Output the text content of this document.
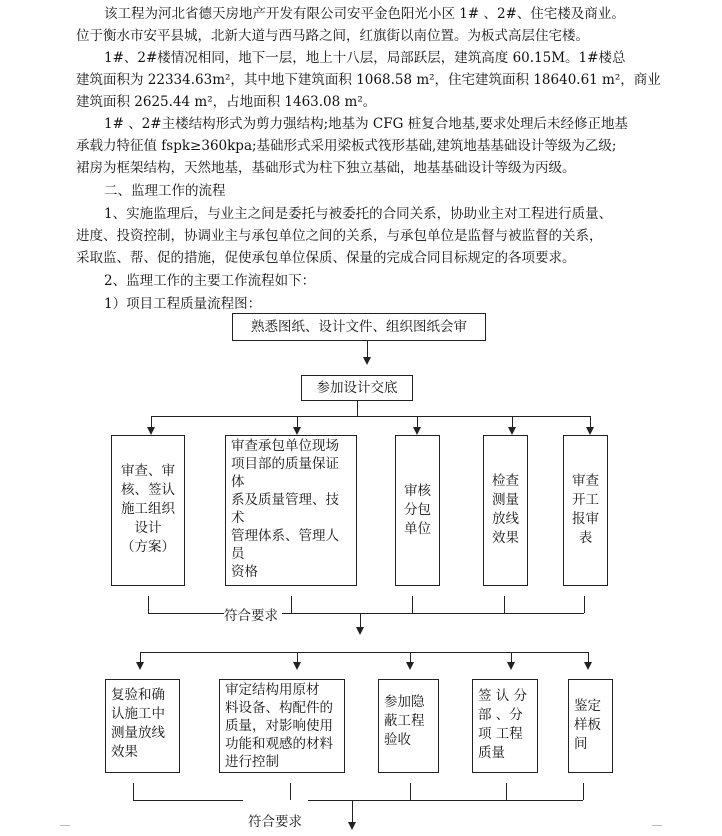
该工程为河北省德天房地产开发有限公司安平金色阳光小区 1# 、2#、住宅楼及商业。

位于衡水市安平县城，北新大道与西马路之间，红旗街以南位置。为板式高层住宅楼。

1#、2#楼情况相同，地下一层，地上十八层，局部跃层，建筑高度 60.15M。1#楼总

建筑面积为 22334.63m²，其中地下建筑面积 1068.58 m²，住宅建筑面积 18640.61 m²，商业

建筑面积 2625.44 m²，占地面积 1463.08 m²。

1# 、2#主楼结构形式为剪力强结构;地基为 CFG 桩复合地基,要求处理后未经修正地基

承载力特征值 fspk≥360kpa;基础形式采用梁板式筏形基础,建筑地基基础设计等级为乙级;

裙房为框架结构，天然地基，基础形式为柱下独立基础，地基基础设计等级为丙级。

二、监理工作的流程

1、实施监理后，与业主之间是委托与被委托的合同关系，协助业主对工程进行质量、

进度、投资控制，协调业主与承包单位之间的关系，与承包单位是监督与被监督的关系，

采取监、帮、促的措施，促使承包单位保质、保量的完成合同目标规定的各项要求。

2、监理工作的主要工作流程如下：

1）项目工程质量流程图：

熟悉图纸、设计文件、组织图纸会审
参加设计交底
审查、审
核、签认
施工组织
设计
（方案）
审查承包单位现场
项目部的质量保证
体
系及质量管理、技
术
管理体系、管理人
员
资格
审核
分包
单位
检查
测量
放线
效果
审查
开工
报审
表
符合要求
复验和确
认施工中
测量放线
效果
审定结构用原材
料设备、构配件的
质量，对影响使用
功能和观感的材料
进行控制
参加隐
蔽工程
验收
签 认 分
部 、分
项 工程
质量
鉴定
样板
间
符合要求
